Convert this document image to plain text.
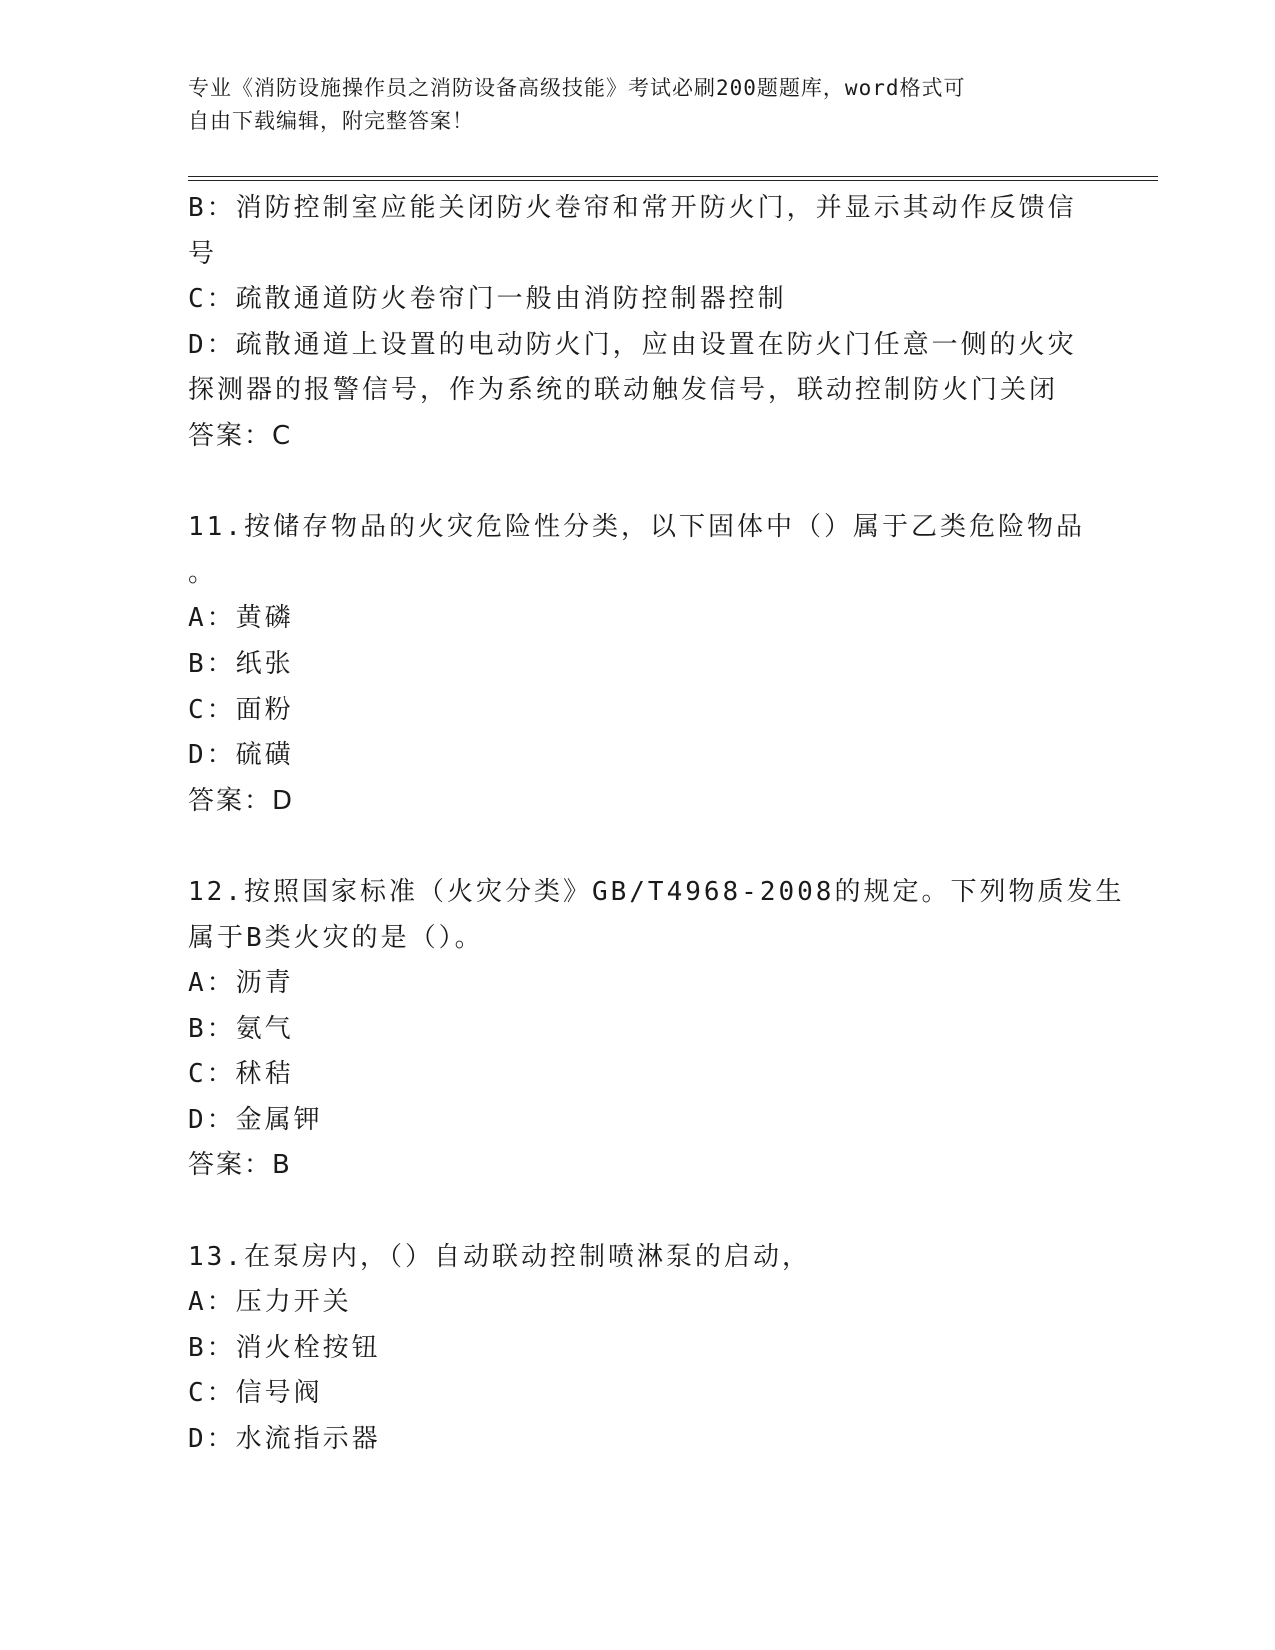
专业《消防设施操作员之消防设备高级技能》考试必刷200题题库，word格式可
自由下载编辑，附完整答案！
B：消防控制室应能关闭防火卷帘和常开防火门，并显示其动作反馈信
号
C：疏散通道防火卷帘门一般由消防控制器控制
D：疏散通道上设置的电动防火门，应由设置在防火门任意一侧的火灾
探测器的报警信号，作为系统的联动触发信号，联动控制防火门关闭
答案：C
11.按储存物品的火灾危险性分类，以下固体中（）属于乙类危险物品
。
A：黄磷
B：纸张
C：面粉
D：硫磺
答案：D
12.按照国家标准（火灾分类》GB/T4968-2008的规定。下列物质发生
属于B类火灾的是（）。
A：沥青
B：氨气
C：秫秸
D：金属钾
答案：B
13.在泵房内，（）自动联动控制喷淋泵的启动，
A：压力开关
B：消火栓按钮
C：信号阀
D：水流指示器
